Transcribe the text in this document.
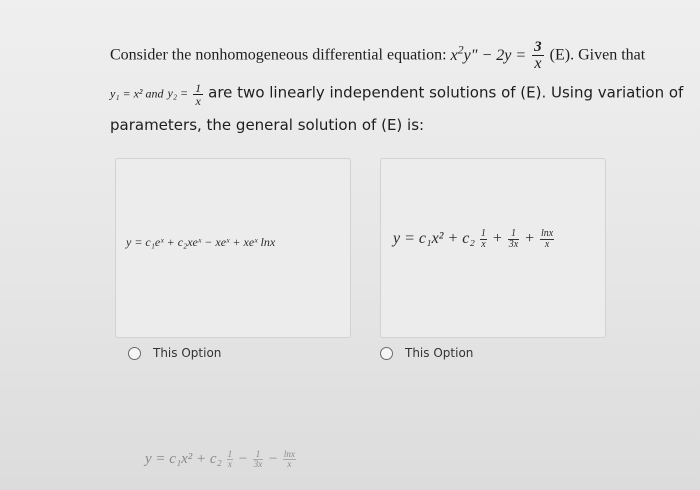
Consider the nonhomogeneous differential equation: $x^2y$" − $2y = \frac{3}{x} (E)$. Given that
y₁ = x² and $y_2 = \frac{1}{x}$ are two linearly independent solutions of (E). Using variation of
parameters, the general solution of (E) is:
y = c₁eˣ + c₂xeˣ − xeˣ + xeˣ lnx
This Option
$y = c_1x^2 + c_2 \frac{1}{x} + \frac{1}{3x} + \frac{\ln x}{x}$
This Option
$y = c_1x^2 + c_2 \frac{1}{x} - \frac{1}{3x} - \frac{\ln x}{x}$
